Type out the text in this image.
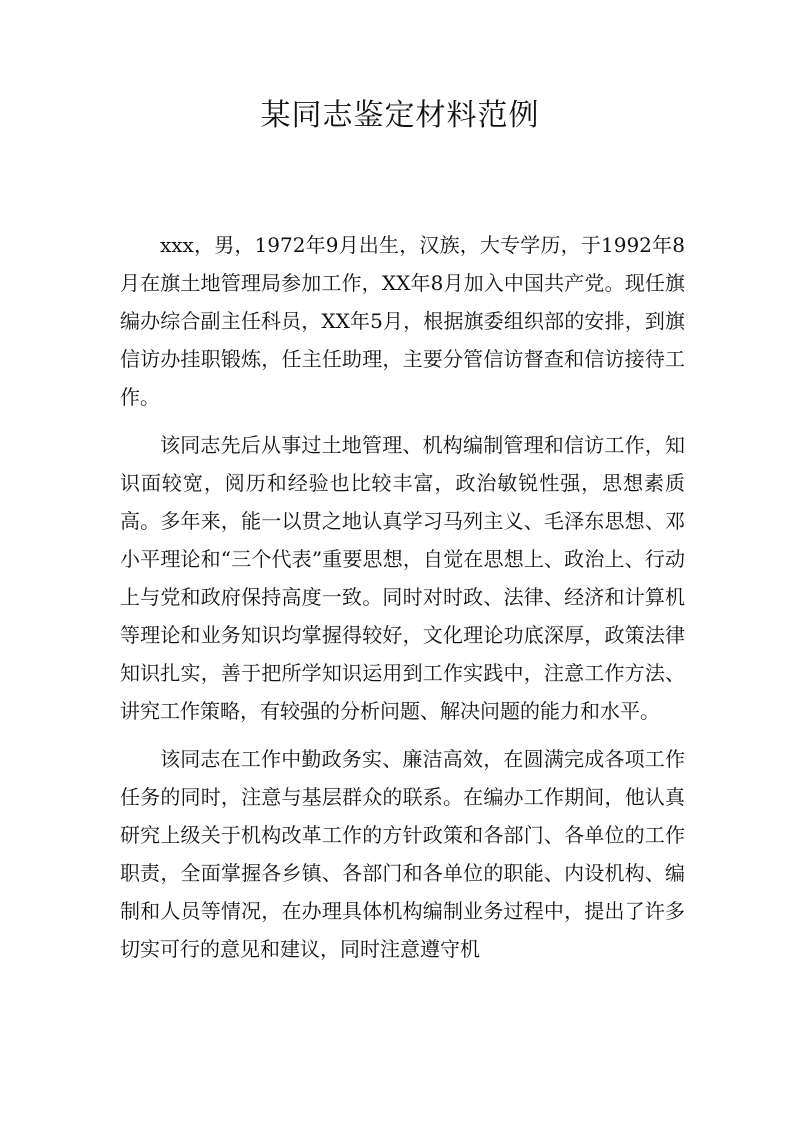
某同志鉴定材料范例

xxx，男，1972年9月出生，汉族，大专学历，于1992年8月在旗土地管理局参加工作，XX年8月加入中国共产党。现任旗编办综合副主任科员，XX年5月，根据旗委组织部的安排，到旗信访办挂职锻炼，任主任助理，主要分管信访督查和信访接待工作。

该同志先后从事过土地管理、机构编制管理和信访工作，知识面较宽，阅历和经验也比较丰富，政治敏锐性强，思想素质高。多年来，能一以贯之地认真学习马列主义、毛泽东思想、邓小平理论和“三个代表”重要思想，自觉在思想上、政治上、行动上与党和政府保持高度一致。同时对时政、法律、经济和计算机等理论和业务知识均掌握得较好，文化理论功底深厚，政策法律知识扎实，善于把所学知识运用到工作实践中，注意工作方法、讲究工作策略，有较强的分析问题、解决问题的能力和水平。

该同志在工作中勤政务实、廉洁高效，在圆满完成各项工作任务的同时，注意与基层群众的联系。在编办工作期间，他认真研究上级关于机构改革工作的方针政策和各部门、各单位的工作职责，全面掌握各乡镇、各部门和各单位的职能、内设机构、编制和人员等情况，在办理具体机构编制业务过程中，提出了许多切实可行的意见和建议，同时注意遵守机
